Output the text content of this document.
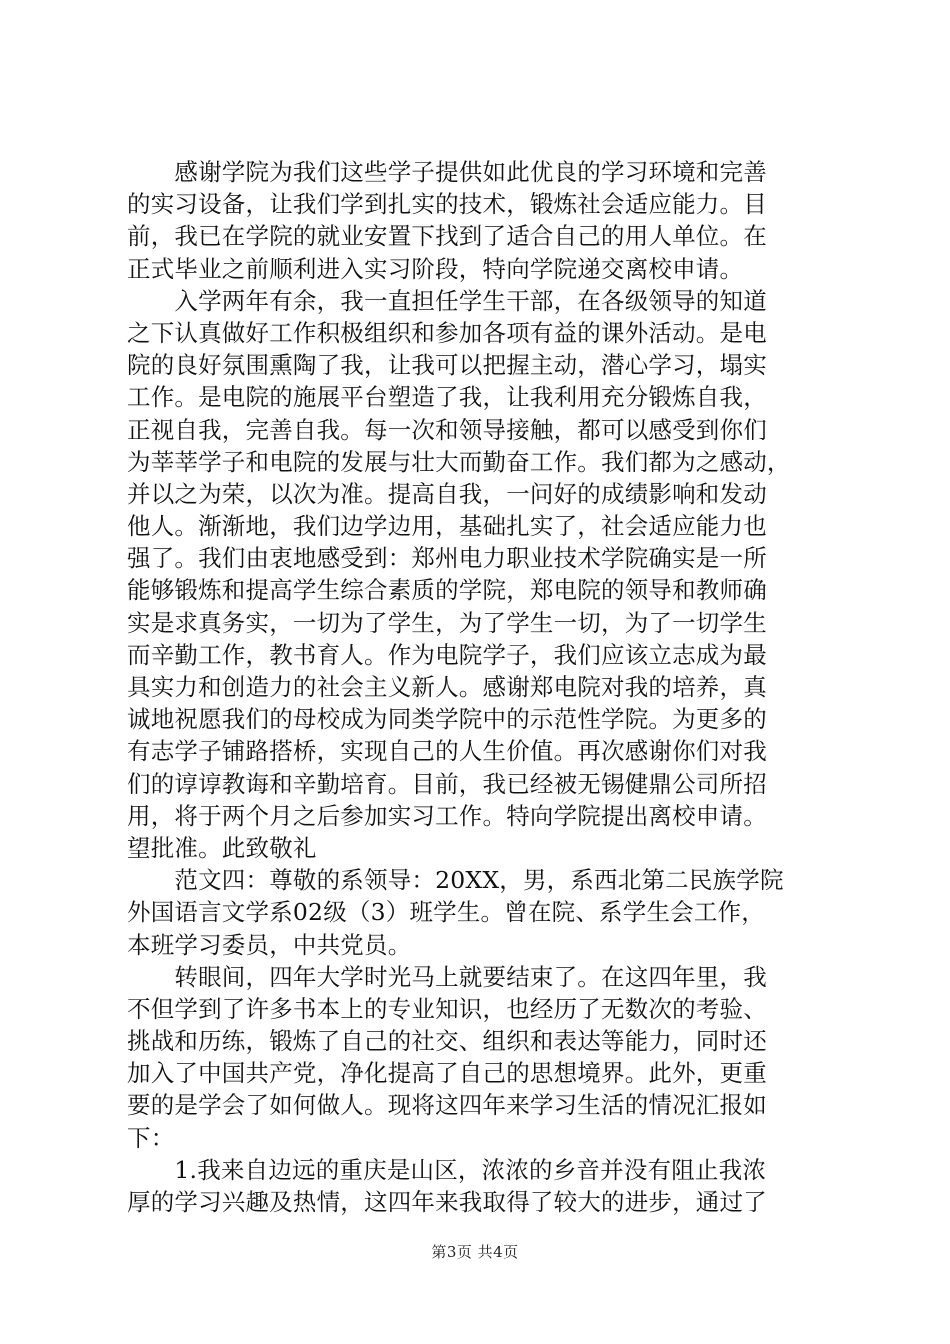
　　感谢学院为我们这些学子提供如此优良的学习环境和完善
的实习设备，让我们学到扎实的技术，锻炼社会适应能力。目
前，我已在学院的就业安置下找到了适合自己的用人单位。在
正式毕业之前顺利进入实习阶段，特向学院递交离校申请。
　　入学两年有余，我一直担任学生干部，在各级领导的知道
之下认真做好工作积极组织和参加各项有益的课外活动。是电
院的良好氛围熏陶了我，让我可以把握主动，潜心学习，塌实
工作。是电院的施展平台塑造了我，让我利用充分锻炼自我，
正视自我，完善自我。每一次和领导接触，都可以感受到你们
为莘莘学子和电院的发展与壮大而勤奋工作。我们都为之感动，
并以之为荣，以次为准。提高自我，一问好的成绩影响和发动
他人。渐渐地，我们边学边用，基础扎实了，社会适应能力也
强了。我们由衷地感受到：郑州电力职业技术学院确实是一所
能够锻炼和提高学生综合素质的学院，郑电院的领导和教师确
实是求真务实，一切为了学生，为了学生一切，为了一切学生
而辛勤工作，教书育人。作为电院学子，我们应该立志成为最
具实力和创造力的社会主义新人。感谢郑电院对我的培养，真
诚地祝愿我们的母校成为同类学院中的示范性学院。为更多的
有志学子铺路搭桥，实现自己的人生价值。再次感谢你们对我
们的谆谆教诲和辛勤培育。目前，我已经被无锡健鼎公司所招
用，将于两个月之后参加实习工作。特向学院提出离校申请。
望批准。此致敬礼
　　范文四：尊敬的系领导：20XX，男，系西北第二民族学院
外国语言文学系02级（3）班学生。曾在院、系学生会工作，
本班学习委员，中共党员。
　　转眼间，四年大学时光马上就要结束了。在这四年里，我
不但学到了许多书本上的专业知识，也经历了无数次的考验、
挑战和历练，锻炼了自己的社交、组织和表达等能力，同时还
加入了中国共产党，净化提高了自己的思想境界。此外，更重
要的是学会了如何做人。现将这四年来学习生活的情况汇报如
下：
　　1.我来自边远的重庆是山区，浓浓的乡音并没有阻止我浓
厚的学习兴趣及热情，这四年来我取得了较大的进步，通过了
第3页 共4页
